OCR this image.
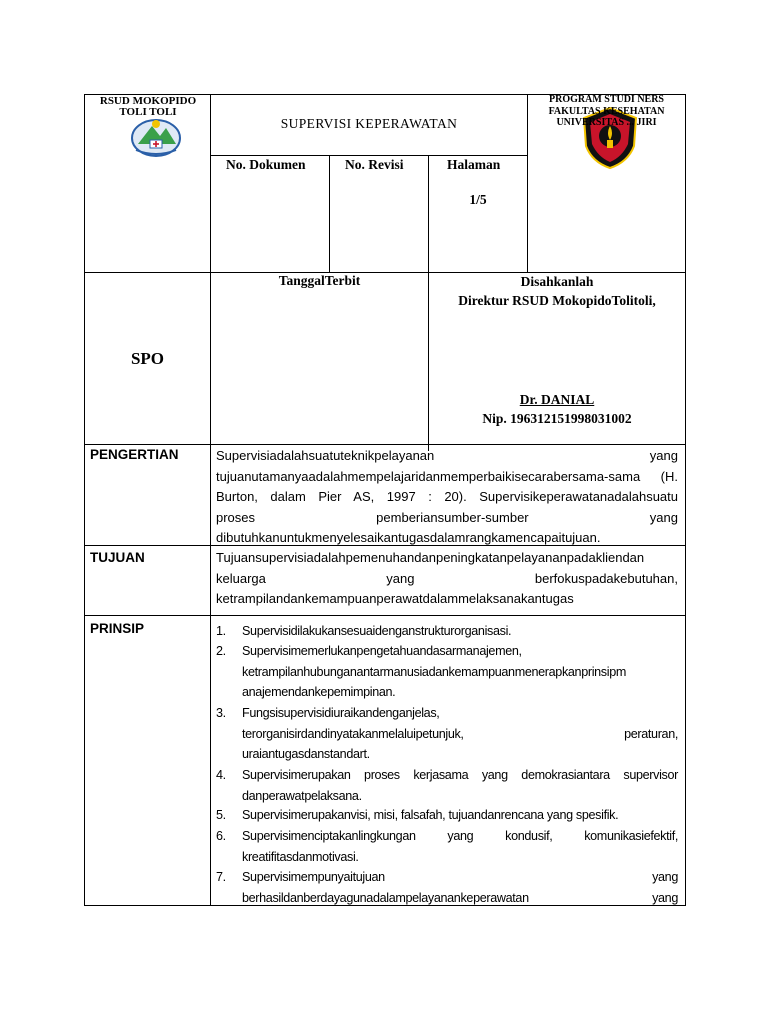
RSUD MOKOPIDO TOLI TOLI
SUPERVISI KEPERAWATAN
PROGRAM STUDI NERS
FAKULTAS KESEHATAN
UNIVERSITAS ... JIRI
No. Dokumen	No. Revisi	Halaman
1/5
SPO
TanggalTerbit	Disahkanlah
Direktur RSUD MokopidoTolitoli,
Dr. DANIAL
Nip. 196312151998031002
PENGERTIAN	Supervisiadalahsuatuteknikpelayanan yang
tujuanutamanyaadalahmempelajaridanmemperbaikisecarabersama-sama (H.
Burton, dalam Pier AS, 1997 : 20). Supervisikeperawatanadalahsuatu
proses pemberiansumber-sumber yang
dibutuhkanuntukmenyelesaikantugasdalamrangkamencapaitujuan.
TUJUAN	Tujuansupervisiadalahpemenuhandanpeningkatanpelayananpadakliendan
keluarga yang berfokuspadakebutuhan,
ketrampilandankemampuanperawatdalammelaksanakantugas
PRINSIP	1.	Supervisidilakukansesuaidenganstrukturorganisasi.
2.	Supervisimemerlukanpengetahuandasarmanajemen,
ketrampilanhubunganantarmanusiadankemampuanmenerapkanprinsipm
anajemendankepemimpinan.
3.	Fungsisupervisidiuraikandenganjelas,
terorganisirdandinyatakanmelaluipetunjuk, peraturan,
uraiantugasdanstandart.
4.	Supervisimerupakan proses kerjasama yang demokrasiantara supervisor
danperawatpelaksana.
5.	Supervisimerupakanvisi, misi, falsafah, tujuandanrencana yang spesifik.
6.	Supervisimenciptakanlingkungan yang kondusif, komunikasiefektif,
kreatifitasdanmotivasi.
7.	Supervisimempunyaitujuan yang
berhasildanberdayagunadalampelayanankeperawatan yang
